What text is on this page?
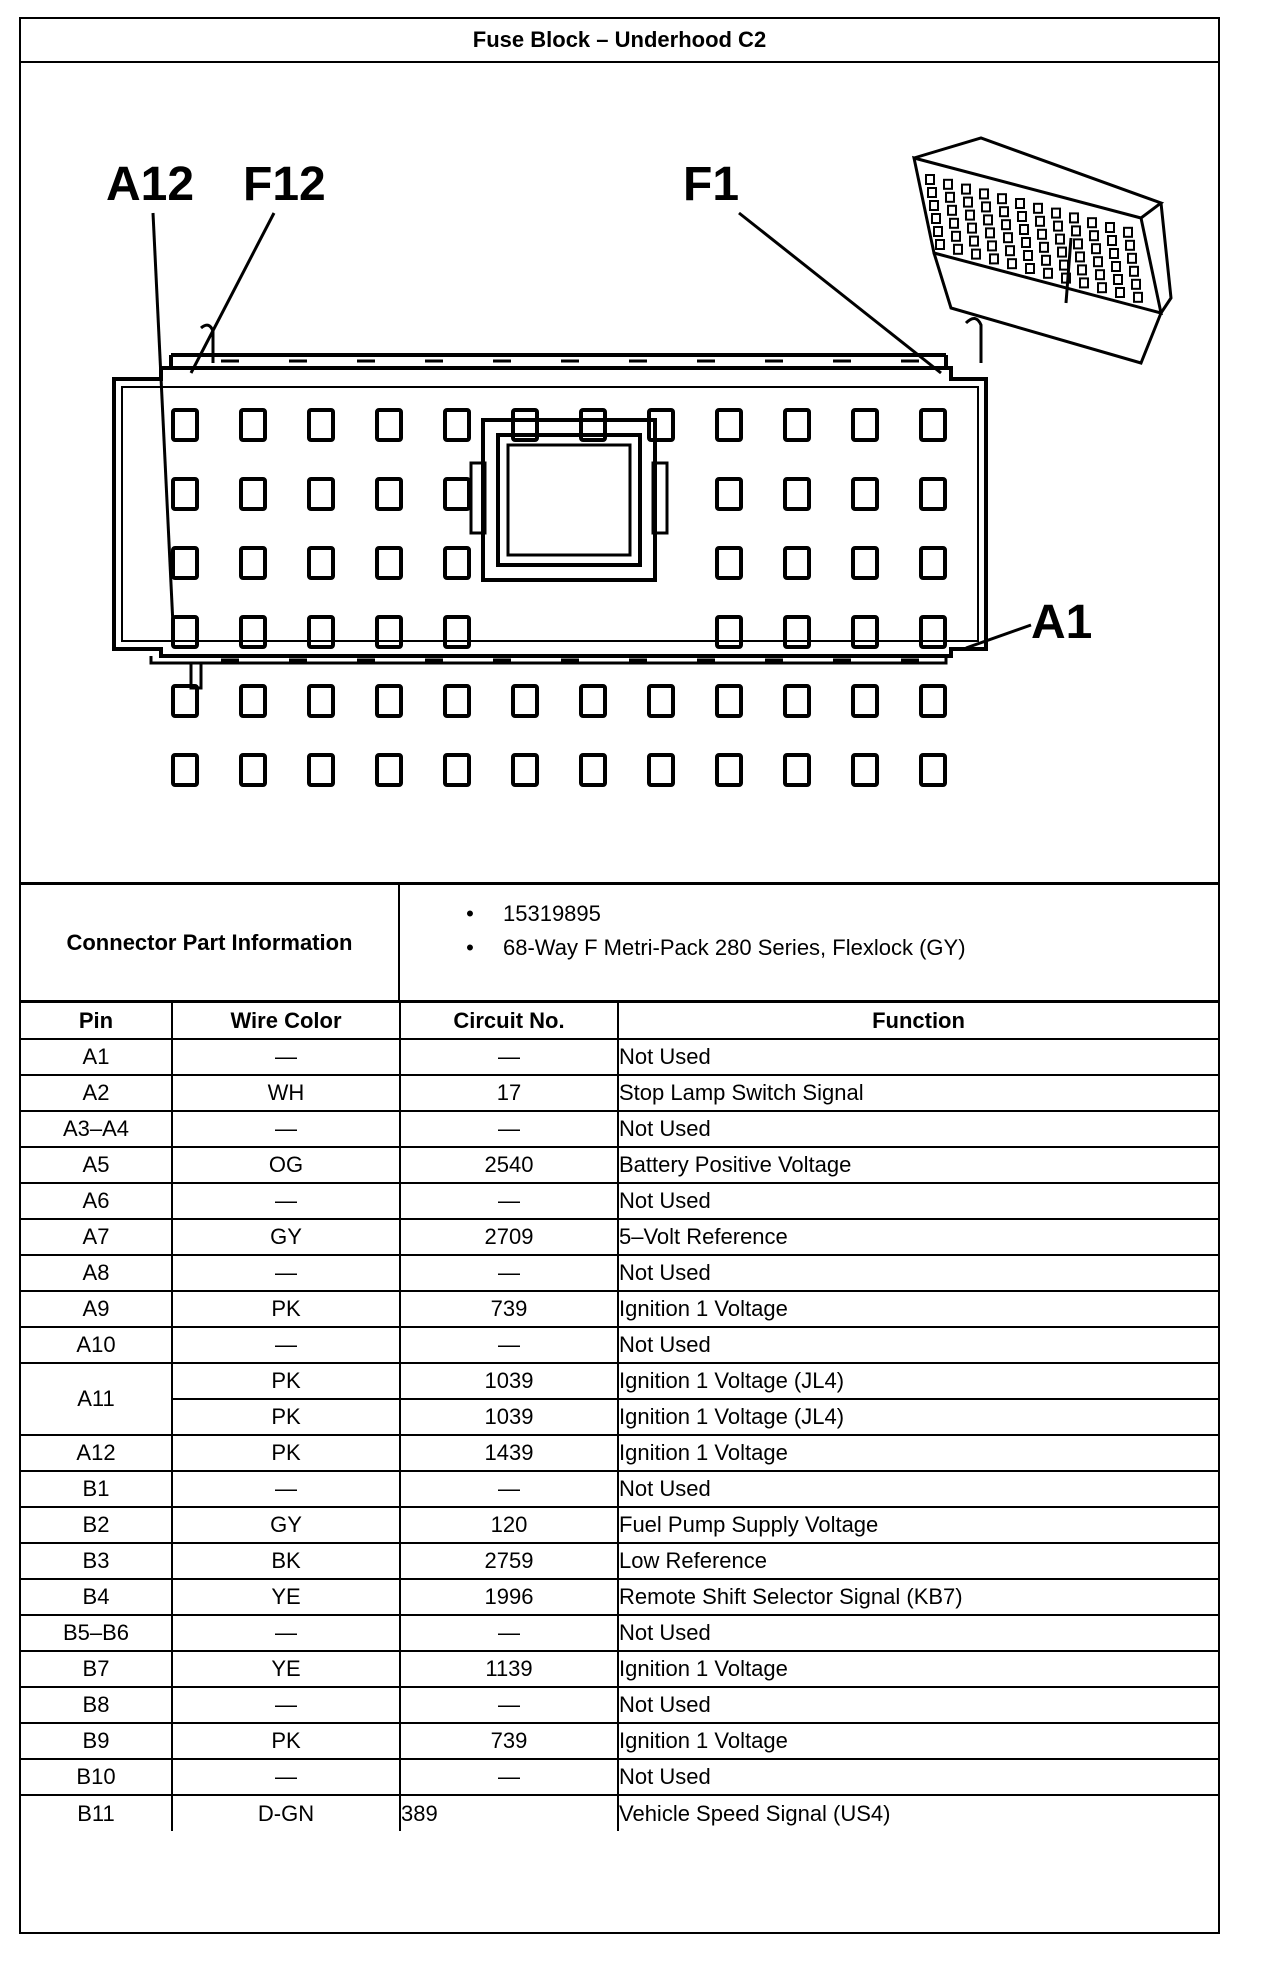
Fuse Block – Underhood C2
A12 F12	F1
A1
Connector Part Information
• 15319895
• 68-Way F Metri-Pack 280 Series, Flexlock (GY)
Pin	Wire Color	Circuit No.	Function
A1	—	—	Not Used
A2	WH	17	Stop Lamp Switch Signal
A3–A4	—	—	Not Used
A5	OG	2540	Battery Positive Voltage
A6	—	—	Not Used
A7	GY	2709	5–Volt Reference
A8	—	—	Not Used
A9	PK	739	Ignition 1 Voltage
A10	—	—	Not Used
A11	PK	1039	Ignition 1 Voltage (JL4)
	PK	1039	Ignition 1 Voltage (JL4)
A12	PK	1439	Ignition 1 Voltage
B1	—	—	Not Used
B2	GY	120	Fuel Pump Supply Voltage
B3	BK	2759	Low Reference
B4	YE	1996	Remote Shift Selector Signal (KB7)
B5–B6	—	—	Not Used
B7	YE	1139	Ignition 1 Voltage
B8	—	—	Not Used
B9	PK	739	Ignition 1 Voltage
B10	—	—	Not Used
B11	D-GN	389	Vehicle Speed Signal (US4)
